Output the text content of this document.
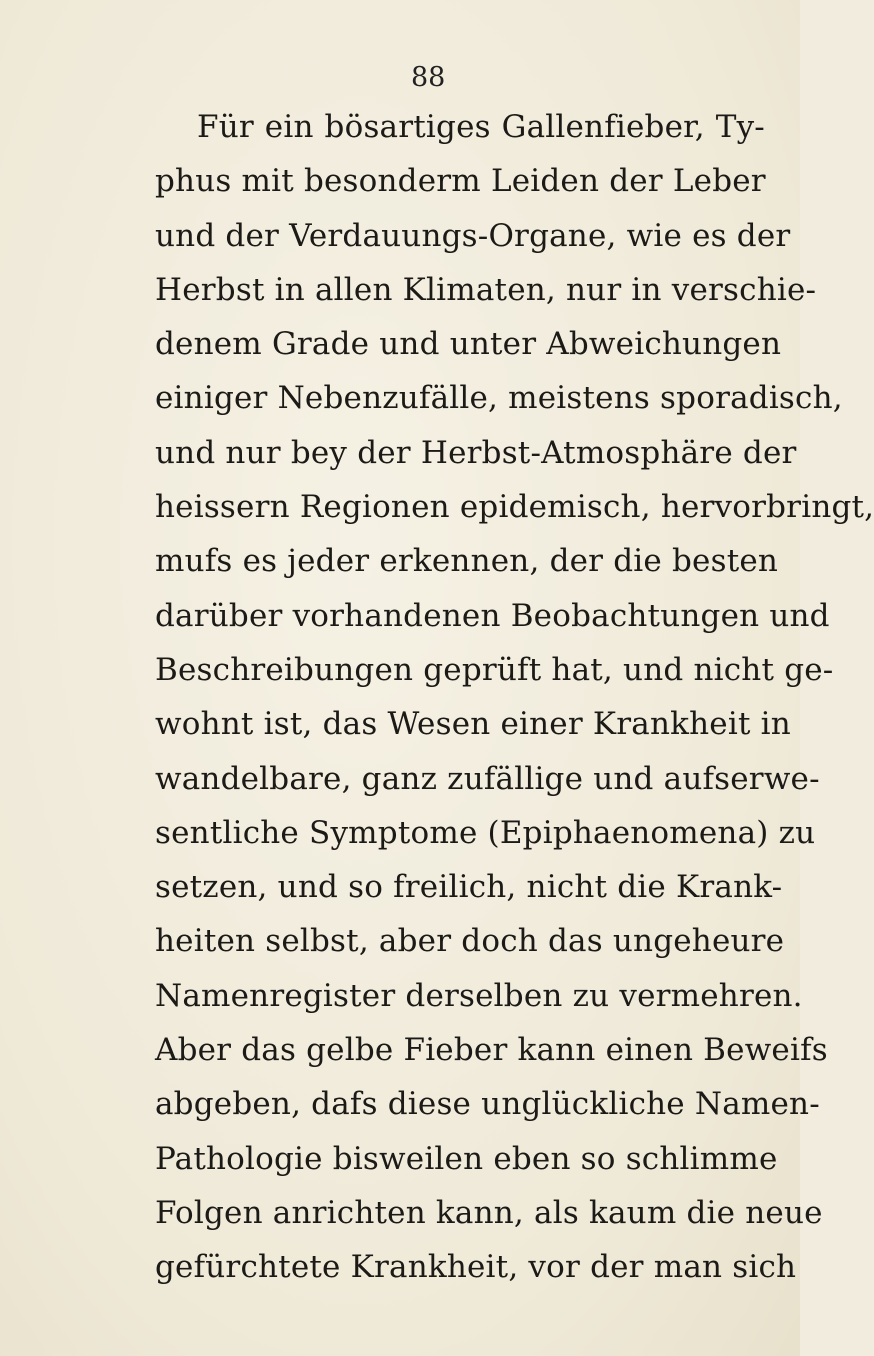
88
Für ein bösartiges Gallenfieber, Ty-
phus mit besonderm Leiden der Leber
und der Verdauungs-Organe, wie es der
Herbst in allen Klimaten, nur in verschie-
denem Grade und unter Abweichungen
einiger Nebenzufälle, meistens sporadisch,
und nur bey der Herbst-Atmosphäre der
heissern Regionen epidemisch, hervorbringt,
mufs es jeder erkennen, der die besten
darüber vorhandenen Beobachtungen und
Beschreibungen geprüft hat, und nicht ge-
wohnt ist, das Wesen einer Krankheit in
wandelbare, ganz zufällige und aufserwe-
sentliche Symptome (Epiphaenomena) zu
setzen, und so freilich, nicht die Krank-
heiten selbst, aber doch das ungeheure
Namenregister derselben zu vermehren.
Aber das gelbe Fieber kann einen Beweifs
abgeben, dafs diese unglückliche Namen-
Pathologie bisweilen eben so schlimme
Folgen anrichten kann, als kaum die neue
gefürchtete Krankheit, vor der man sich
